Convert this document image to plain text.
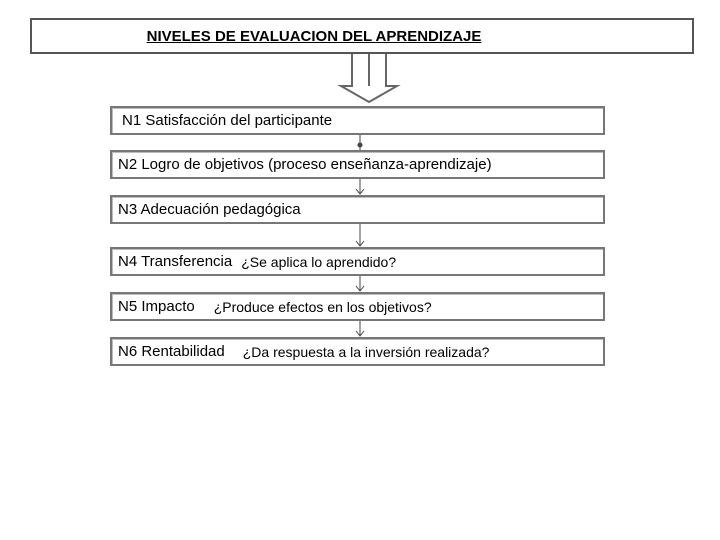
NIVELES DE EVALUACION DEL APRENDIZAJE
N1 Satisfacción del participante
N2 Logro de objetivos (proceso enseñanza-aprendizaje)
N3 Adecuación pedagógica
N4 Transferencia ¿Se aplica lo aprendido?
N5 Impacto ¿Produce efectos en los objetivos?
N6 Rentabilidad ¿Da respuesta a la inversión realizada?
